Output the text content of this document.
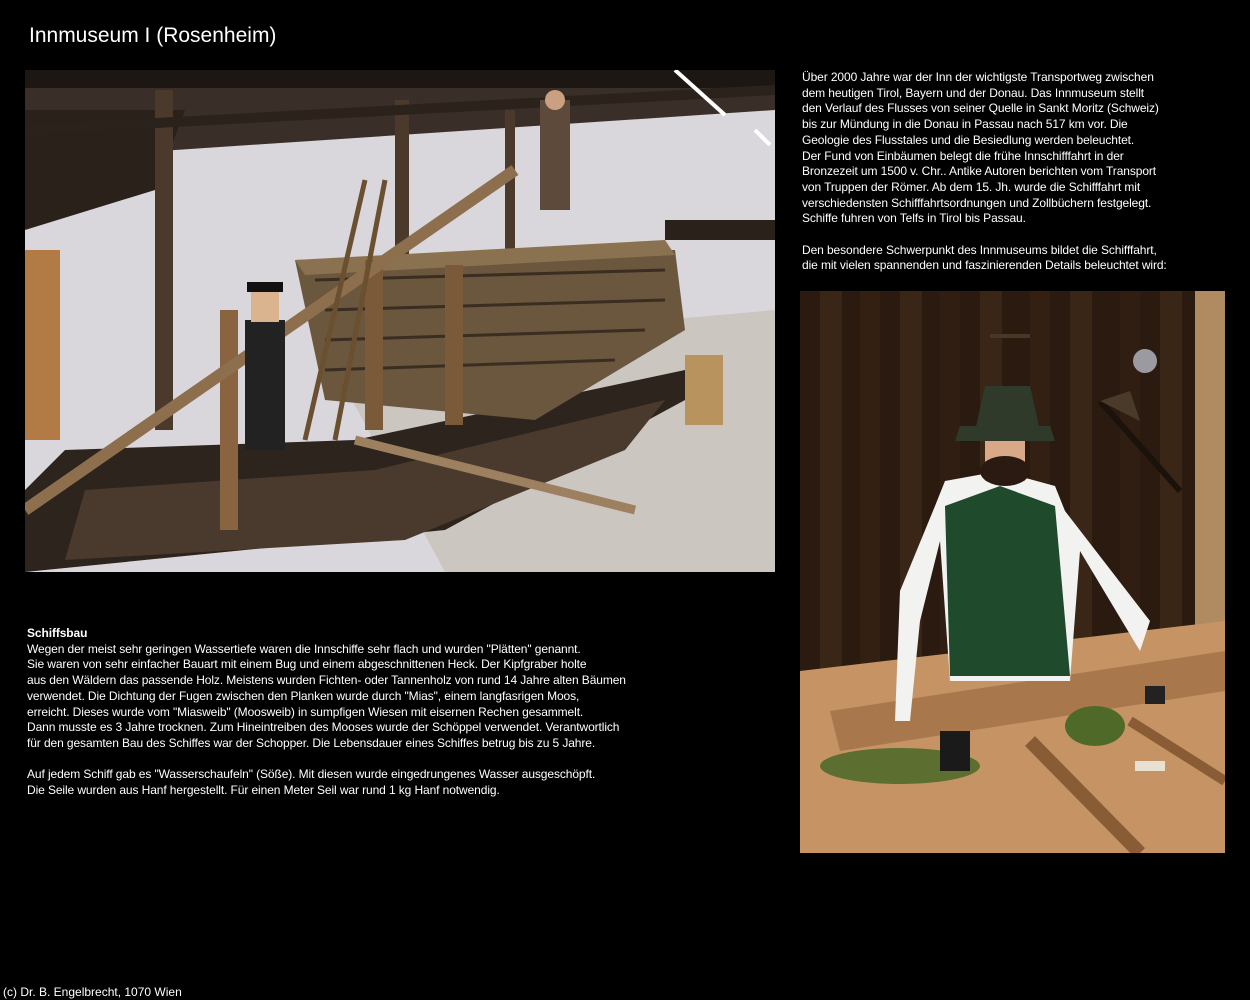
Innmuseum I (Rosenheim)

Über 2000 Jahre war der Inn der wichtigste Transportweg zwischen
dem heutigen Tirol, Bayern und der Donau. Das Innmuseum stellt
den Verlauf des Flusses von seiner Quelle in Sankt Moritz (Schweiz)
bis zur Mündung in die Donau in Passau nach 517 km vor. Die
Geologie des Flusstales und die Besiedlung werden beleuchtet.
Der Fund von Einbäumen belegt die frühe Innschifffahrt in der
Bronzezeit um 1500 v. Chr.. Antike Autoren berichten vom Transport
von Truppen der Römer. Ab dem 15. Jh. wurde die Schifffahrt mit
verschiedensten Schifffahrtsordnungen und Zollbüchern festgelegt.
Schiffe fuhren von Telfs in Tirol bis Passau.

Den besondere Schwerpunkt des Innmuseums bildet die Schifffahrt,
die mit vielen spannenden und faszinierenden Details beleuchtet wird:

Schiffsbau
Wegen der meist sehr geringen Wassertiefe waren die Innschiffe sehr flach und wurden "Plätten" genannt.
Sie waren von sehr einfacher Bauart mit einem Bug und einem abgeschnittenen Heck. Der Kipfgraber holte
aus den Wäldern das passende Holz. Meistens wurden Fichten- oder Tannenholz von rund 14 Jahre alten Bäumen
verwendet. Die Dichtung der Fugen zwischen den Planken wurde durch "Mias", einem langfasrigen Moos,
erreicht. Dieses wurde vom "Miasweib" (Moosweib) in sumpfigen Wiesen mit eisernen Rechen gesammelt.
Dann musste es 3 Jahre trocknen. Zum Hineintreiben des Mooses wurde der Schöppel verwendet. Verantwortlich
für den gesamten Bau des Schiffes war der Schopper. Die Lebensdauer eines Schiffes betrug bis zu 5 Jahre.

Auf jedem Schiff gab es "Wasserschaufeln" (Söße). Mit diesen wurde eingedrungenes Wasser ausgeschöpft.
Die Seile wurden aus Hanf hergestellt. Für einen Meter Seil war rund 1 kg Hanf notwendig.

(c) Dr. B. Engelbrecht, 1070 Wien
